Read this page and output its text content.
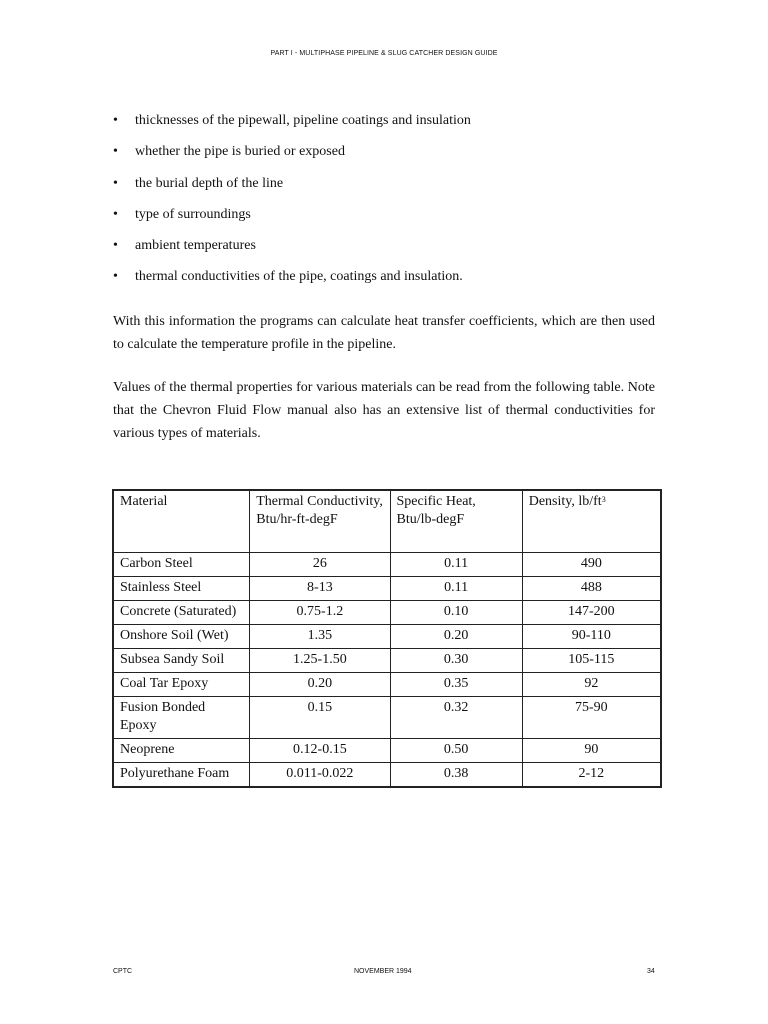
PART I - MULTIPHASE PIPELINE & SLUG CATCHER DESIGN GUIDE
• thicknesses of the pipewall, pipeline coatings and insulation
• whether the pipe is buried or exposed
• the burial depth of the line
• type of surroundings
• ambient temperatures
• thermal conductivities of the pipe, coatings and insulation.

With this information the programs can calculate heat transfer coefficients, which are then used to calculate the temperature profile in the pipeline.

Values of the thermal properties for various materials can be read from the following table. Note that the Chevron Fluid Flow manual also has an extensive list of thermal conductivities for various types of materials.

Material	Thermal Conductivity, Btu/hr-ft-degF	Specific Heat, Btu/lb-degF	Density, $lb/ft^3$
Carbon Steel	26	0.11	490
Stainless Steel	8-13	0.11	488
Concrete (Saturated)	0.75-1.2	0.10	147-200
Onshore Soil (Wet)	1.35	0.20	90-110
Subsea Sandy Soil	1.25-1.50	0.30	105-115
Coal Tar Epoxy	0.20	0.35	92
Fusion Bonded Epoxy	0.15	0.32	75-90
Neoprene	0.12-0.15	0.50	90
Polyurethane Foam	0.011-0.022	0.38	2-12
CPTC	NOVEMBER 1994	34
